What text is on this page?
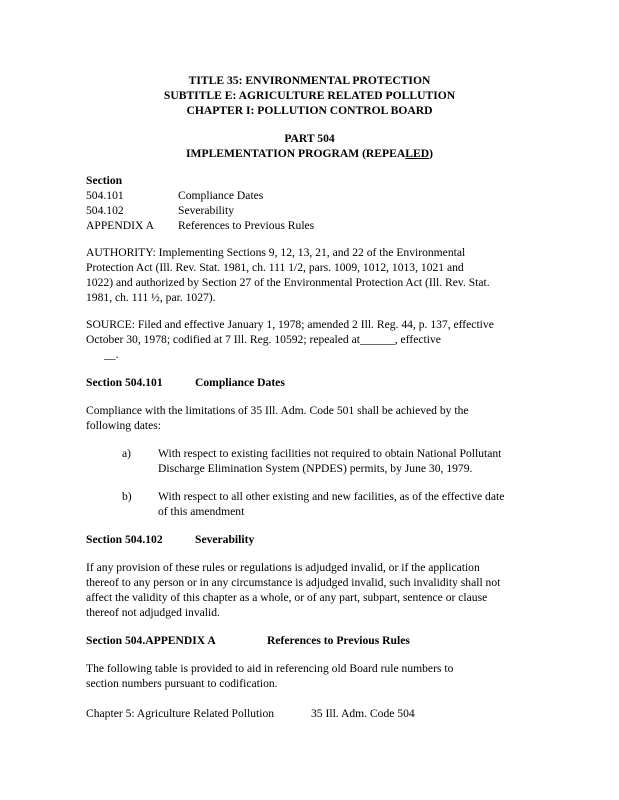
TITLE 35: ENVIRONMENTAL PROTECTION
SUBTITLE E: AGRICULTURE RELATED POLLUTION
CHAPTER I: POLLUTION CONTROL BOARD
PART 504
IMPLEMENTATION PROGRAM (REPEALED)
Section
504.101	Compliance Dates
504.102	Severability
APPENDIX A References to Previous Rules
AUTHORITY: Implementing Sections 9, 12, 13, 21, and 22 of the Environmental
Protection Act (Ill. Rev. Stat. 1981, ch. 111 1/2, pars. 1009, 1012, 1013, 1021 and
1022) and authorized by Section 27 of the Environmental Protection Act (Ill. Rev. Stat.
1981, ch. 111 ½, par. 1027).
SOURCE: Filed and effective January 1, 1978; amended 2 Ill. Reg. 44, p. 137, effective
October 30, 1978; codified at 7 Ill. Reg. 10592; repealed at______, effective
__.
Section 504.101	Compliance Dates
Compliance with the limitations of 35 Ill. Adm. Code 501 shall be achieved by the
following dates:
a) With respect to existing facilities not required to obtain National Pollutant
Discharge Elimination System (NPDES) permits, by June 30, 1979.
b) With respect to all other existing and new facilities, as of the effective date
of this amendment
Section 504.102	Severability
If any provision of these rules or regulations is adjudged invalid, or if the application
thereof to any person or in any circumstance is adjudged invalid, such invalidity shall not
affect the validity of this chapter as a whole, or of any part, subpart, sentence or clause
thereof not adjudged invalid.
Section 504.APPENDIX A	References to Previous Rules
The following table is provided to aid in referencing old Board rule numbers to
section numbers pursuant to codification.
Chapter 5: Agriculture Related Pollution	35 Ill. Adm. Code 504
